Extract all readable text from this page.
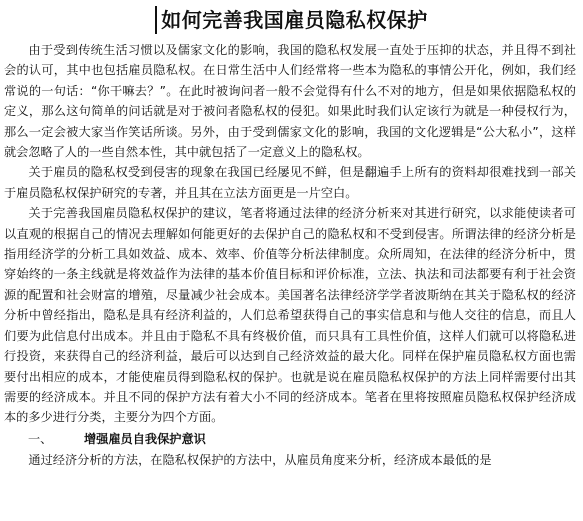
如何完善我国雇员隐私权保护

由于受到传统生活习惯以及儒家文化的影响，我国的隐私权发展一直处于压抑的状态，并且得不到社会的认可，其中也包括雇员隐私权。在日常生活中人们经常将一些本为隐私的事情公开化，例如，我们经常说的一句话：“你干嘛去？”。在此时被询问者一般不会觉得有什么不对的地方，但是如果依据隐私权的定义，那么这句简单的问话就是对于被问者隐私权的侵犯。如果此时我们认定该行为就是一种侵权行为，那么一定会被大家当作笑话所谈。另外，由于受到儒家文化的影响，我国的文化逻辑是“公大私小”，这样就会忽略了人的一些自然本性，其中就包括了一定意义上的隐私权。

关于雇员的隐私权受到侵害的现象在我国已经屡见不鲜，但是翻遍手上所有的资料却很难找到一部关于雇员隐私权保护研究的专著，并且其在立法方面更是一片空白。

关于完善我国雇员隐私权保护的建议，笔者将通过法律的经济分析来对其进行研究，以求能使读者可以直观的根据自己的情况去理解如何能更好的去保护自己的隐私权和不受到侵害。所谓法律的经济分析是指用经济学的分析工具如效益、成本、效率、价值等分析法律制度。众所周知，在法律的经济分析中，贯穿始终的一条主线就是将效益作为法律的基本价值目标和评价标准，立法、执法和司法都要有利于社会资源的配置和社会财富的增殖，尽量减少社会成本。美国著名法律经济学学者波斯纳在其关于隐私权的经济分析中曾经指出，隐私是具有经济利益的，人们总希望获得自己的事实信息和与他人交往的信息，而且人们要为此信息付出成本。并且由于隐私不具有终极价值，而只具有工具性价值，这样人们就可以将隐私进行投资，来获得自己的经济利益，最后可以达到自己经济效益的最大化。同样在保护雇员隐私权方面也需要付出相应的成本，才能使雇员得到隐私权的保护。也就是说在雇员隐私权保护的方法上同样需要付出其需要的经济成本。并且不同的保护方法有着大小不同的经济成本。笔者在里将按照雇员隐私权保护经济成本的多少进行分类，主要分为四个方面。

一、	增强雇员自我保护意识

通过经济分析的方法，在隐私权保护的方法中，从雇员角度来分析，经济成本最低的是
